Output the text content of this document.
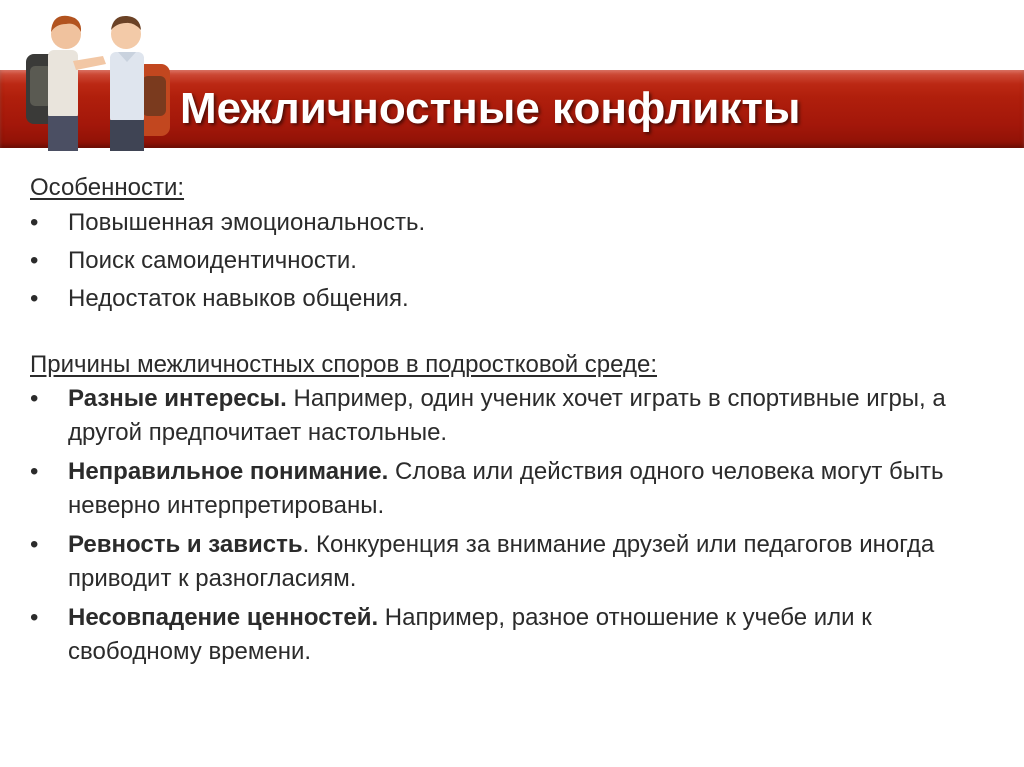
Межличностные конфликты

Особенности:

• Повышенная эмоциональность.
• Поиск самоидентичности.
• Недостаток навыков общения.

Причины межличностных споров в подростковой среде:

• Разные интересы. Например, один ученик хочет играть в спортивные игры, а другой предпочитает настольные.
• Неправильное понимание. Слова или действия одного человека могут быть неверно интерпретированы.
• Ревность и зависть. Конкуренция за внимание друзей или педагогов иногда приводит к разногласиям.
• Несовпадение ценностей. Например, разное отношение к учебе или к свободному времени.
